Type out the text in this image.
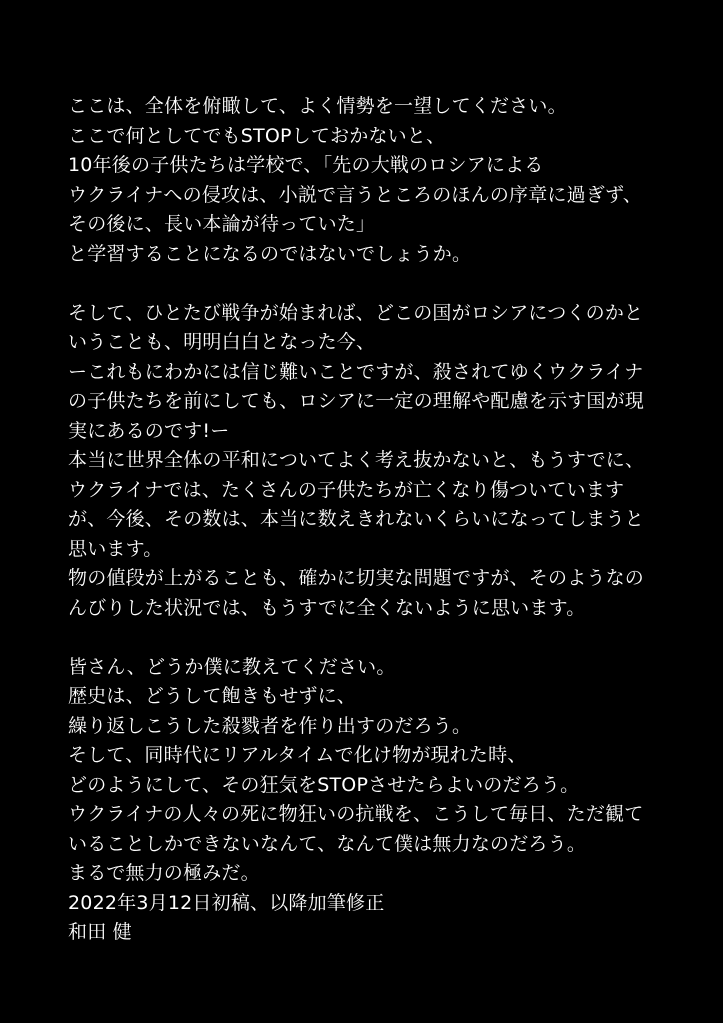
ここは、全体を俯瞰して、よく情勢を一望してください。
ここで何としてでもSTOPしておかないと、
10年後の子供たちは学校で、「先の大戦のロシアによる
ウクライナへの侵攻は、小説で言うところのほんの序章に過ぎず、
その後に、長い本論が待っていた」
と学習することになるのではないでしょうか。
そして、ひとたび戦争が始まれば、どこの国がロシアにつくのかと
いうことも、明明白白となった今、
ーこれもにわかには信じ難いことですが、殺されてゆくウクライナ
の子供たちを前にしても、ロシアに一定の理解や配慮を示す国が現
実にあるのです!ー
本当に世界全体の平和についてよく考え抜かないと、もうすでに、
ウクライナでは、たくさんの子供たちが亡くなり傷ついています
が、今後、その数は、本当に数えきれないくらいになってしまうと
思います。
物の値段が上がることも、確かに切実な問題ですが、そのようなの
んびりした状況では、もうすでに全くないように思います。
皆さん、どうか僕に教えてください。
歴史は、どうして飽きもせずに、
繰り返しこうした殺戮者を作り出すのだろう。
そして、同時代にリアルタイムで化け物が現れた時、
どのようにして、その狂気をSTOPさせたらよいのだろう。
ウクライナの人々の死に物狂いの抗戦を、こうして毎日、ただ観て
いることしかできないなんて、なんて僕は無力なのだろう。
まるで無力の極みだ。
2022年3月12日初稿、以降加筆修正
和田 健
